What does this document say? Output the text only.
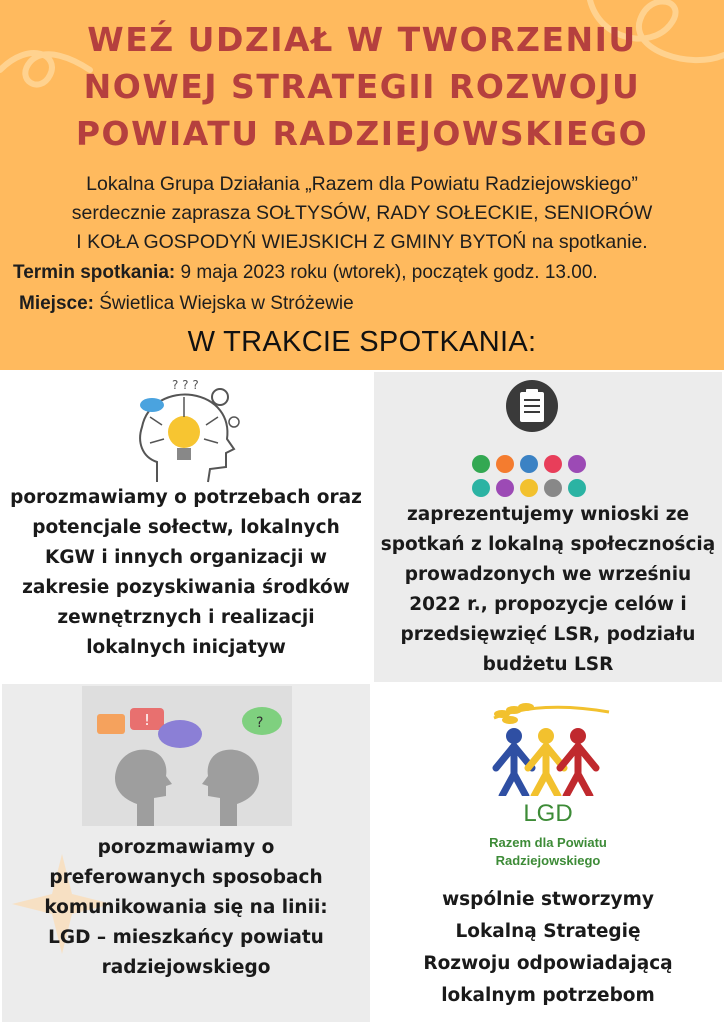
WEŹ UDZIAŁ W TWORZENIU
NOWEJ STRATEGII ROZWOJU
POWIATU RADZIEJOWSKIEGO
Lokalna Grupa Działania „Razem dla Powiatu Radziejowskiego”
serdecznie zaprasza SOŁTYSÓW, RADY SOŁECKIE, SENIORÓW
I KOŁA GOSPODYŃ WIEJSKICH Z GMINY BYTOŃ na spotkanie.
Termin spotkania: 9 maja 2023 roku (wtorek), początek godz. 13.00.
Miejsce: Świetlica Wiejska w Stróżewie
W TRAKCIE SPOTKANIA:
? ? ?
porozmawiamy o potrzebach oraz
potencjale sołectw, lokalnych
KGW i innych organizacji w
zakresie pozyskiwania środków
zewnętrznych i realizacji
lokalnych inicjatyw
zaprezentujemy wnioski ze
spotkań z lokalną społecznością
prowadzonych we wrześniu
2022 r., propozycje celów i
przedsięwzięć LSR, podziału
budżetu LSR
!	?
porozmawiamy o
preferowanych sposobach
komunikowania się na linii:
LGD – mieszkańcy powiatu
radziejowskiego
LGD
Razem dla Powiatu
Radziejowskiego
wspólnie stworzymy
Lokalną Strategię
Rozwoju odpowiadającą
lokalnym potrzebom
